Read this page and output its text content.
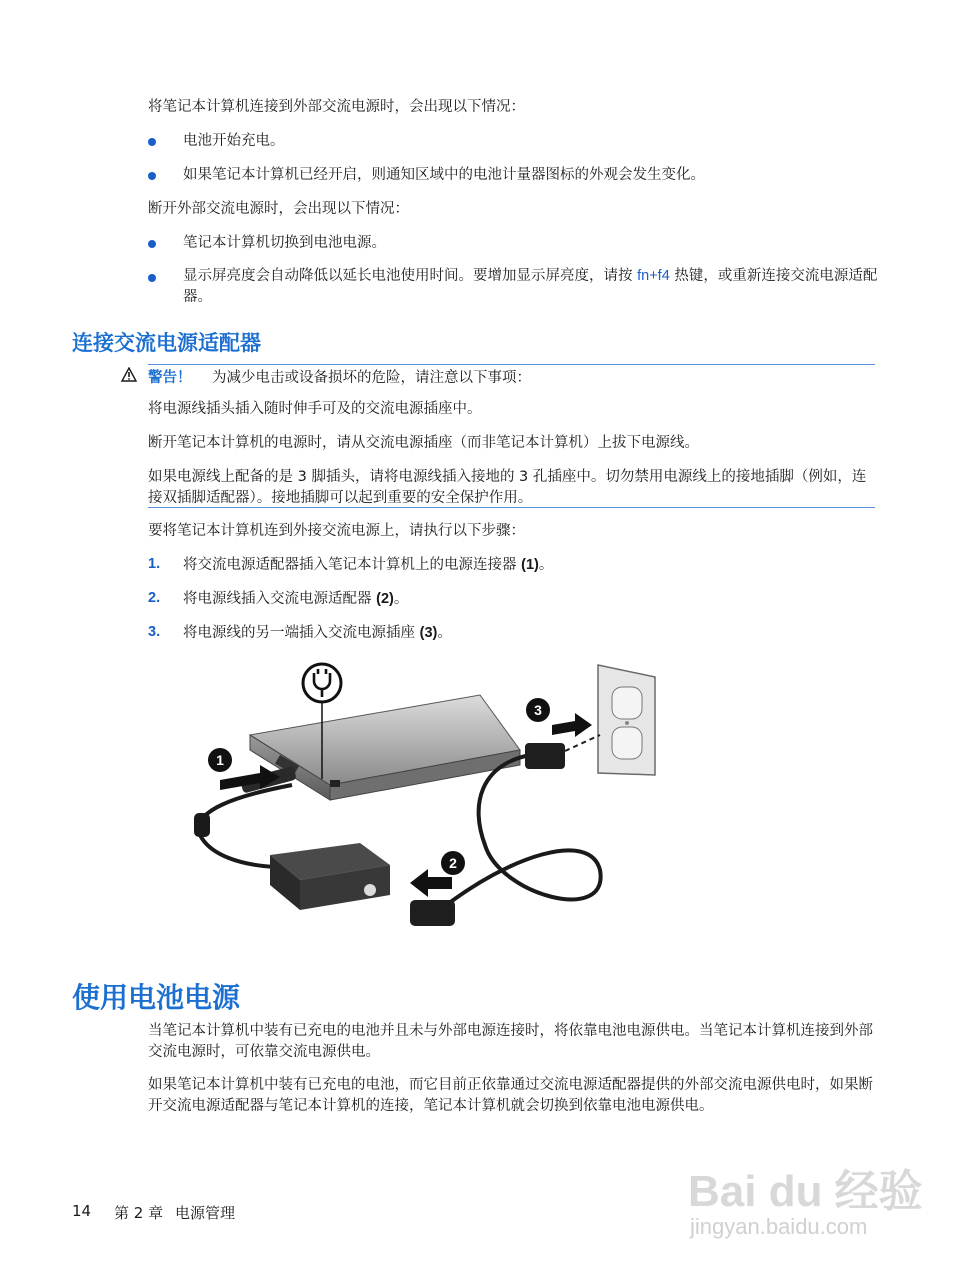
将笔记本计算机连接到外部交流电源时，会出现以下情况：

电池开始充电。
如果笔记本计算机已经开启，则通知区域中的电池计量器图标的外观会发生变化。

断开外部交流电源时，会出现以下情况：

笔记本计算机切换到电池电源。
显示屏亮度会自动降低以延长电池使用时间。要增加显示屏亮度，请按 fn+f4 热键，或重新连接交流电源适配器。
连接交流电源适配器
警告！ 为减少电击或设备损坏的危险，请注意以下事项：

将电源线插头插入随时伸手可及的交流电源插座中。

断开笔记本计算机的电源时，请从交流电源插座（而非笔记本计算机）上拔下电源线。

如果电源线上配备的是 3 脚插头，请将电源线插入接地的 3 孔插座中。切勿禁用电源线上的接地插脚（例如，连接双插脚适配器）。接地插脚可以起到重要的安全保护作用。

要将笔记本计算机连到外接交流电源上，请执行以下步骤：

1. 将交流电源适配器插入笔记本计算机上的电源连接器 (1)。
2. 将电源线插入交流电源适配器 (2)。
3. 将电源线的另一端插入交流电源插座 (3)。
1
2
3
使用电池电源

当笔记本计算机中装有已充电的电池并且未与外部电源连接时，将依靠电池电源供电。当笔记本计算机连接到外部交流电源时，可依靠交流电源供电。

如果笔记本计算机中装有已充电的电池，而它目前正依靠通过交流电源适配器提供的外部交流电源供电时，如果断开交流电源适配器与笔记本计算机的连接，笔记本计算机就会切换到依靠电池电源供电。

14 第 2 章 电源管理	Bai du 经验
jingyan.baidu.com
